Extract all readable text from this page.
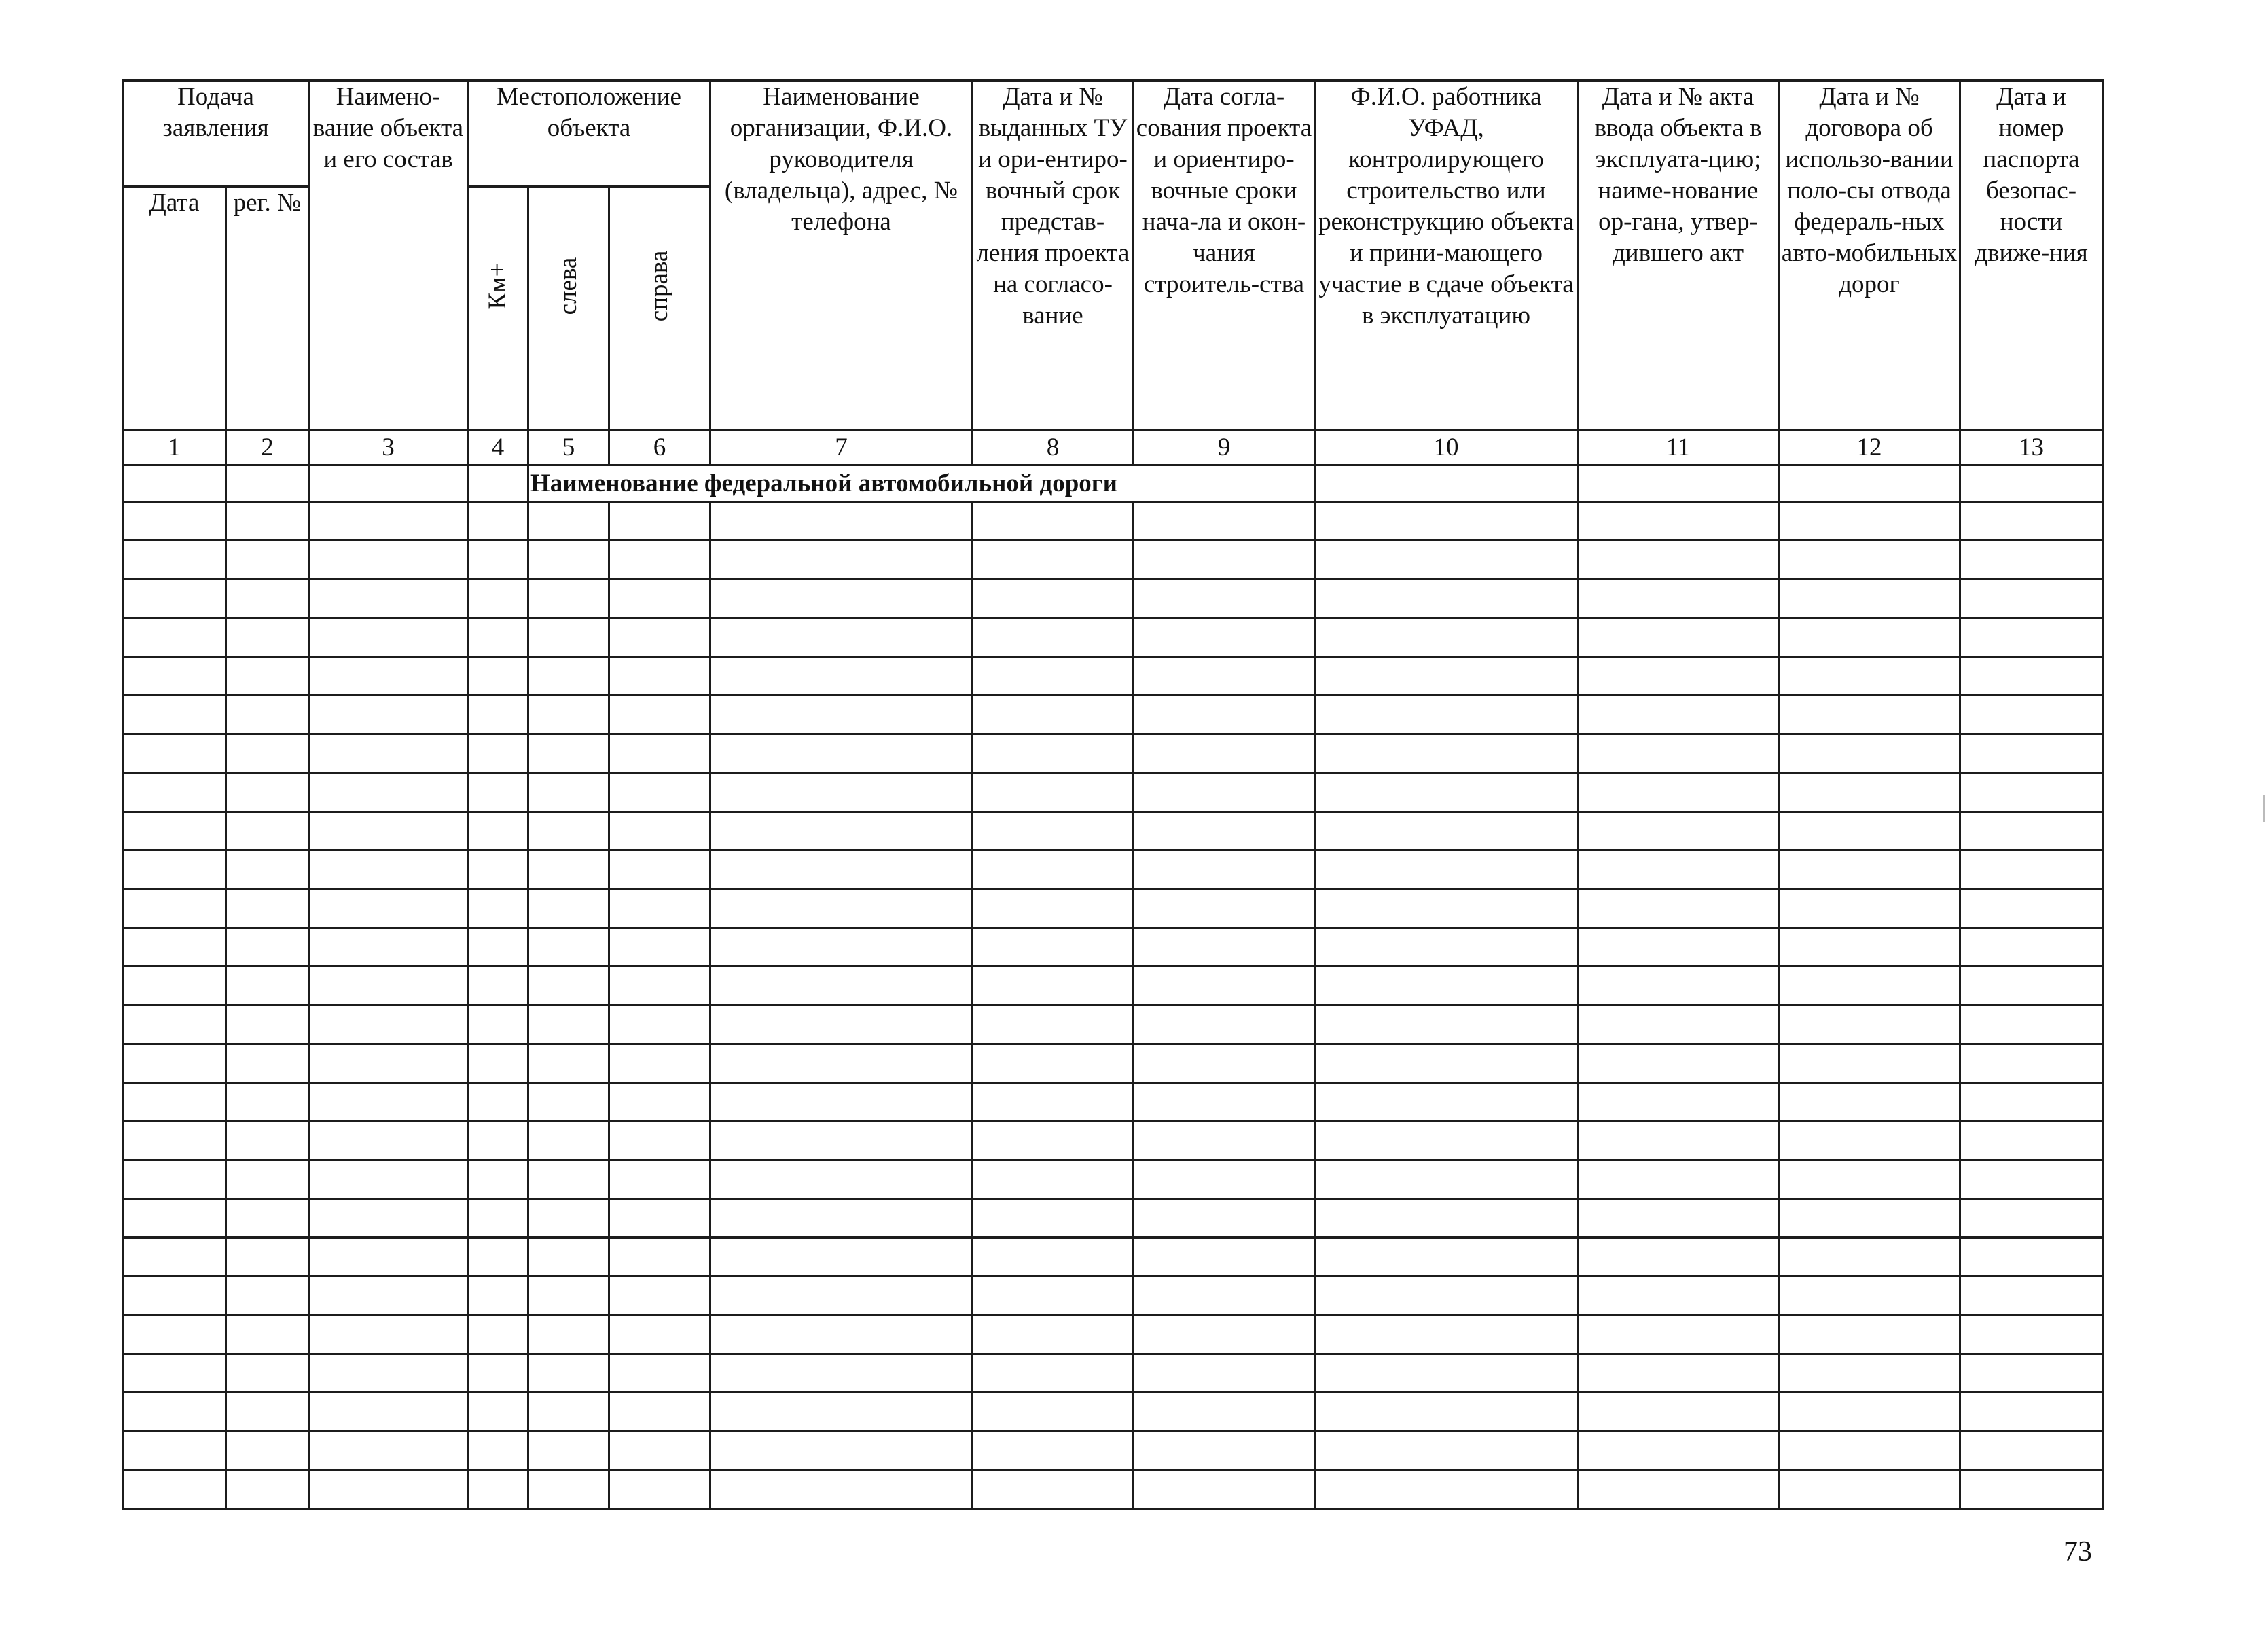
Подача заявления		Наимено-вание объекта и его состав	Местоположение объекта			Наименование организации, Ф.И.О. руководителя (владельца), адрес, № телефона	Дата и № выданных ТУ и ори-ентиро-вочный срок представ-ления проекта на согласо-вание	Дата согла-сования проекта и ориентиро-вочные сроки нача-ла и окон-чания строитель-ства	Ф.И.О. работника УФАД, контролирующего строительство или реконструкцию объекта и прини-мающего участие в сдаче объекта в эксплуатацию	Дата и № акта ввода объекта в эксплуата-цию; наиме-нование ор-гана, утвер-дившего акт	Дата и № договора об использо-вании поло-сы отвода федераль-ных авто-мобильных дорог	Дата и номер паспорта безопас-ности движе-ния
Дата	рег. №		Км+	слева	справа							

1	2	3	4	5	6	7	8	9	10	11	12	13
				Наименование федеральной автомобильной дороги								

73
